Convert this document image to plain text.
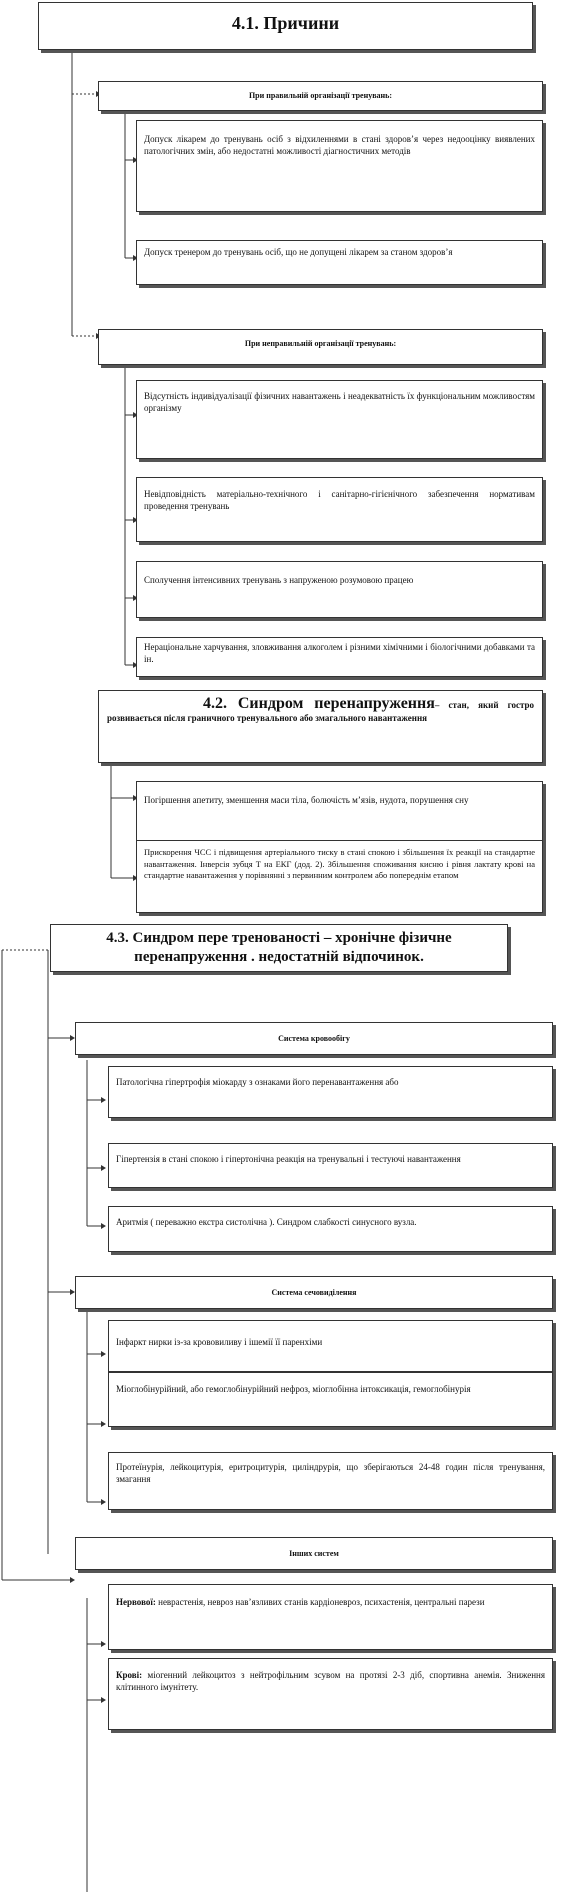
4.1. Причини
При правильній організації тренувань:
Допуск лікарем до тренувань осіб з відхиленнями в стані здоров’я через недооцінку виявлених патологічних змін, або недостатні можливості діагностичних методів
Допуск тренером до тренувань осіб, що не допущені лікарем за станом здоров’я
При неправильній організації тренувань:
Відсутність індивідуалізації фізичних навантажень і неадекватність їх функціональним можливостям організму
Невідповідність матеріально-технічного і санітарно-гігієнічного забезпечення нормативам проведення тренувань
Сполучення інтенсивних тренувань з напруженою розумовою працею
Нераціональне харчування, зловживання алкоголем і різними хімічними і біологічними добавками та ін.
4.2. Синдром перенапруження– стан, який гостро розвивається після граничного тренувального або змагального навантаження
Погіршення апетиту, зменшення маси тіла, болючість м’язів, нудота, порушення сну
Прискорення ЧСС і підвищення артеріального тиску в стані спокою і збільшення їх реакції на стандартне навантаження. Інверсія зубця Т на ЕКГ (дод. 2). Збільшення споживання кисню і рівня лактату крові на стандартне навантаження у порівнянні з первинним контролем або попереднім етапом
4.3. Синдром пере тренованості – хронічне фізичне перенапруження . недостатній відпочинок.
Система кровообігу
Патологічна гіпертрофія міокарду з ознаками його перенавантаження або
Гіпертензія в стані спокою і гіпертонічна реакція на тренувальні і тестуючі навантаження
Аритмія ( переважно екстра систолічна ). Синдром слабкості синусного вузла.
Система сечовиділення
Інфаркт нирки із-за крововиливу і ішемії її паренхіми
Міоглобінурійний, або гемоглобінурійний нефроз, міоглобінна інтоксикація, гемоглобінурія
Протеїнурія, лейкоцитурія, еритроцитурія, циліндрурія, що зберігаються 24-48 годин після тренування, змагання
Інших систем
Нервової: неврастенія, невроз нав’язливих станів кардіоневроз, психастенія, центральні парези
Крові: міогенний лейкоцитоз з нейтрофільним зсувом на протязі 2-3 діб, спортивна анемія. Зниження клітинного імунітету.
